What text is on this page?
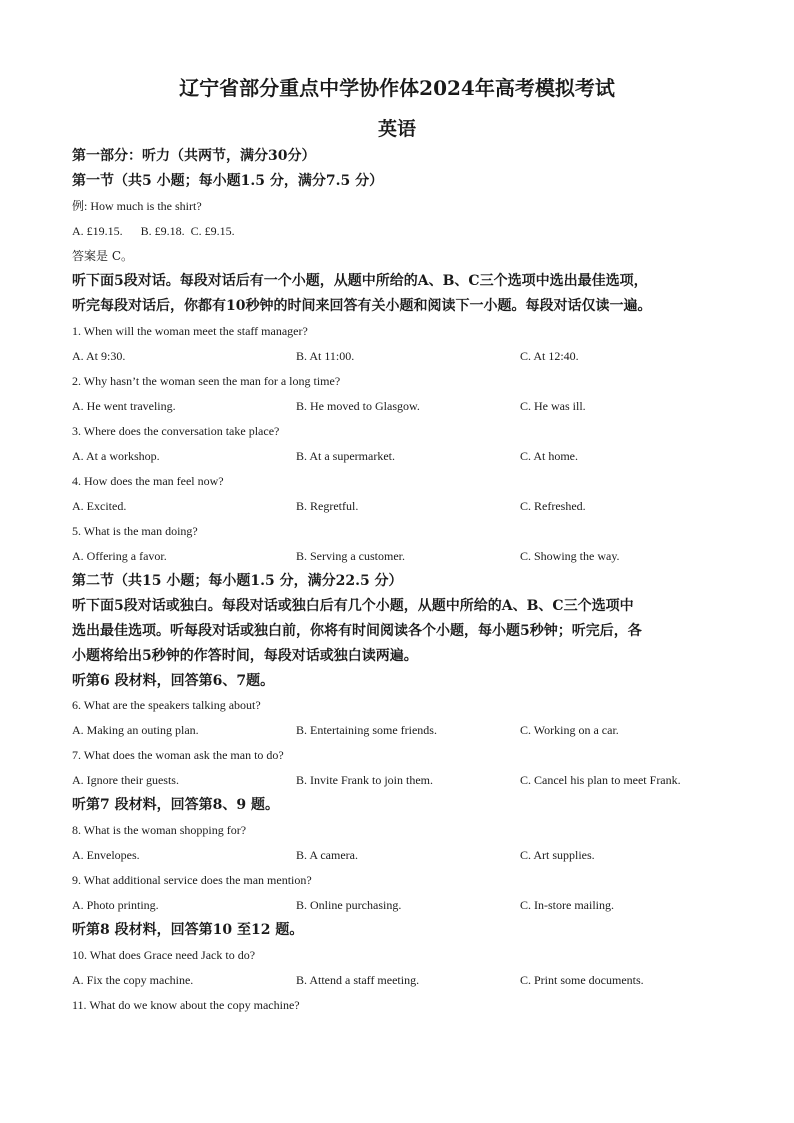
辽宁省部分重点中学协作体2024年高考模拟考试
英语
第一部分：听力（共两节，满分30分）
第一节（共5 小题；每小题1.5 分，满分7.5 分）
例: How much is the shirt?
A. £19.15.      B. £9.18.  C. £9.15.
答案是 C。
听下面5段对话。每段对话后有一个小题，从题中所给的A、B、C三个选项中选出最佳选项，
听完每段对话后，你都有10秒钟的时间来回答有关小题和阅读下一小题。每段对话仅读一遍。
1. When will the woman meet the staff manager?
A. At 9:30.	B. At 11:00.	C. At 12:40.
2. Why hasn’t the woman seen the man for a long time?
A. He went traveling.	B. He moved to Glasgow.	C. He was ill.
3. Where does the conversation take place?
A. At a workshop.	B. At a supermarket.	C. At home.
4. How does the man feel now?
A. Excited.	B. Regretful.	C. Refreshed.
5. What is the man doing?
A. Offering a favor.	B. Serving a customer.	C. Showing the way.
第二节（共15 小题；每小题1.5 分，满分22.5 分）
听下面5段对话或独白。每段对话或独白后有几个小题，从题中所给的A、B、C三个选项中
选出最佳选项。听每段对话或独白前，你将有时间阅读各个小题，每小题5秒钟；听完后，各
小题将给出5秒钟的作答时间，每段对话或独白读两遍。
听第6 段材料，回答第6、7题。
6. What are the speakers talking about?
A. Making an outing plan.	B. Entertaining some friends.	C. Working on a car.
7. What does the woman ask the man to do?
A. Ignore their guests.	B. Invite Frank to join them.	C. Cancel his plan to meet Frank.
听第7 段材料，回答第8、9 题。
8. What is the woman shopping for?
A. Envelopes.	B. A camera.	C. Art supplies.
9. What additional service does the man mention?
A. Photo printing.	B. Online purchasing.	C. In-store mailing.
听第8 段材料，回答第10 至12 题。
10. What does Grace need Jack to do?
A. Fix the copy machine.	B. Attend a staff meeting.	C. Print some documents.
11. What do we know about the copy machine?
